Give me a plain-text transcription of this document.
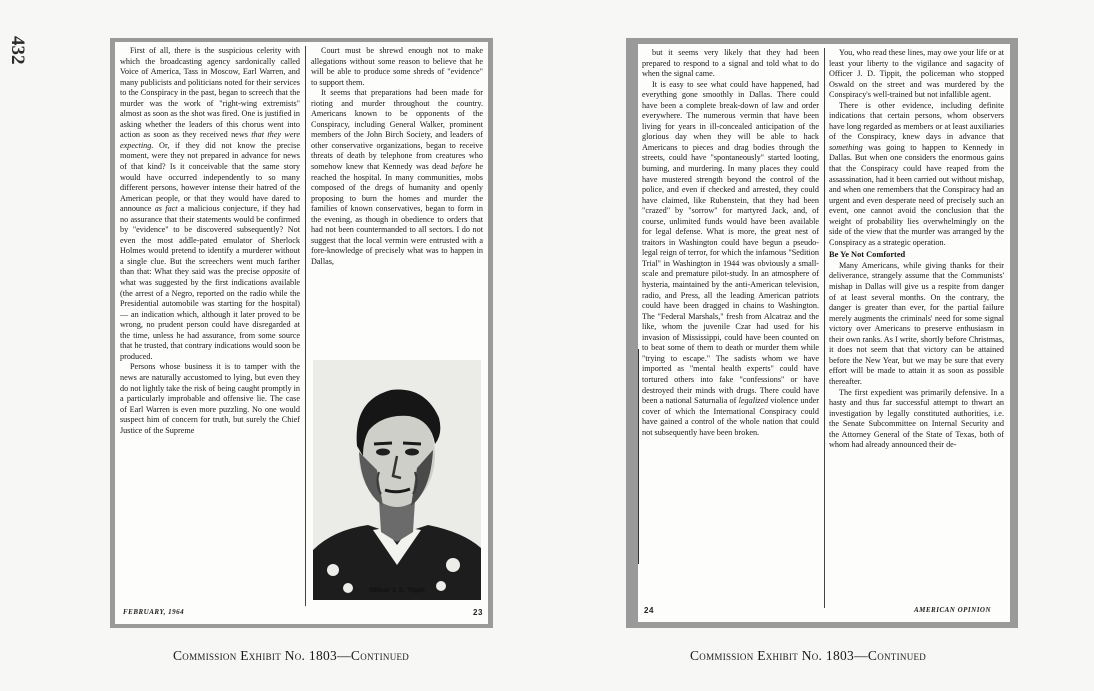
432	First of all, there is the suspicious celerity with which the broadcasting agency sardonically called Voice of America, Tass in Moscow, Earl Warren, and many publicists and politicians noted for their services to the Conspiracy in the past, began to screech that the murder was the work of "right-wing extremists" almost as soon as the shot was fired. One is justified in asking whether the leaders of this chorus went into action as soon as they received news that they were expecting. Or, if they did not know the precise moment, were they not prepared in advance for news of that kind? Is it conceivable that the same story would have occurred independently to so many different persons, however intense their hatred of the American people, or that they would have dared to announce as fact a malicious conjecture, if they had no assurance that their statements would be confirmed by "evidence" to be discovered subsequently? Not even the most addle-pated emulator of Sherlock Holmes would pretend to identify a murderer without a single clue. But the screechers went much farther than that: What they said was the precise opposite of what was suggested by the first indications available (the arrest of a Negro, reported on the radio while the Presidential automobile was starting for the hospital) — an indication which, although it later proved to be wrong, no prudent person could have disregarded at the time, unless he had assurance, from some source that he trusted, that contrary indications would soon be produced.

Persons whose business it is to tamper with the news are naturally accustomed to lying, but even they do not lightly take the risk of being caught promptly in a particularly improbable and offensive lie. The case of Earl Warren is even more puzzling. No one would suspect him of concern for truth, but surely the Chief Justice of the Supreme

Court must be shrewd enough not to make allegations without some reason to believe that he will be able to produce some shreds of "evidence" to support them.

It seems that preparations had been made for rioting and murder throughout the country. Americans known to be opponents of the Conspiracy, including General Walker, prominent members of the John Birch Society, and leaders of other conservative organizations, began to receive threats of death by telephone from creatures who somehow knew that Kennedy was dead before he reached the hospital. In many communities, mobs composed of the dregs of humanity and openly proposing to burn the homes and murder the families of known conservatives, began to form in the evening, as though in obedience to orders that had not been countermanded to all sectors. I do not suggest that the local vermin were entrusted with a fore-knowledge of precisely what was to happen in Dallas,

Officer J. D. Tippit
FEBRUARY, 1964	23

but it seems very likely that they had been prepared to respond to a signal and told what to do when the signal came.

It is easy to see what could have happened, had everything gone smoothly in Dallas. There could have been a complete break-down of law and order everywhere. The numerous vermin that have been living for years in ill-concealed anticipation of the glorious day when they will be able to hack Americans to pieces and drag bodies through the streets, could have "spontaneously" started looting, burning, and murdering. In many places they could have mustered strength beyond the control of the police, and even if checked and arrested, they could have claimed, like Rubenstein, that they had been "crazed" by "sorrow" for martyred Jack, and, of course, unlimited funds would have been available for legal defense. What is more, the great nest of traitors in Washington could have begun a pseudo-legal reign of terror, for which the infamous "Sedition Trial" in Washington in 1944 was obviously a small-scale and premature pilot-study. In an atmosphere of hysteria, maintained by the anti-American television, radio, and Press, all the leading American patriots could have been dragged in chains to Washington. The "Federal Marshals," fresh from Alcatraz and the like, whom the juvenile Czar had used for his invasion of Mississippi, could have been counted on to beat some of them to death or murder them while "trying to escape." The sadists whom we have imported as "mental health experts" could have tortured others into fake "confessions" or have destroyed their minds with drugs. There could have been a national Saturnalia of legalized violence under cover of which the International Conspiracy could have gained a control of the whole nation that could not subsequently have been broken.

You, who read these lines, may owe your life or at least your liberty to the vigilance and sagacity of Officer J. D. Tippit, the policeman who stopped Oswald on the street and was murdered by the Conspiracy's well-trained but not infallible agent.

There is other evidence, including definite indications that certain persons, whom observers have long regarded as members or at least auxiliaries of the Conspiracy, knew days in advance that something was going to happen to Kennedy in Dallas. But when one considers the enormous gains that the Conspiracy could have reaped from the assassination, had it been carried out without mishap, and when one remembers that the Conspiracy had an urgent and even desperate need of precisely such an event, one cannot avoid the conclusion that the weight of probability lies overwhelmingly on the side of the view that the murder was arranged by the Conspiracy as a strategic operation.

Be Ye Not Comforted

Many Americans, while giving thanks for their deliverance, strangely assume that the Communists' mishap in Dallas will give us a respite from danger of at least several months. On the contrary, the danger is greater than ever, for the partial failure merely augments the criminals' need for some signal victory over Americans to preserve enthusiasm in their own ranks. As I write, shortly before Christmas, it does not seem that that victory can be attained before the New Year, but we may be sure that every effort will be made to attain it as soon as possible thereafter.

The first expedient was primarily defensive. In a hasty and thus far successful attempt to thwart an investigation by legally constituted authorities, i.e. the Senate Subcommittee on Internal Security and the Attorney General of the State of Texas, both of whom had already announced their de-

24	AMERICAN OPINION
Commission Exhibit No. 1803—Continued	Commission Exhibit No. 1803—Continued
